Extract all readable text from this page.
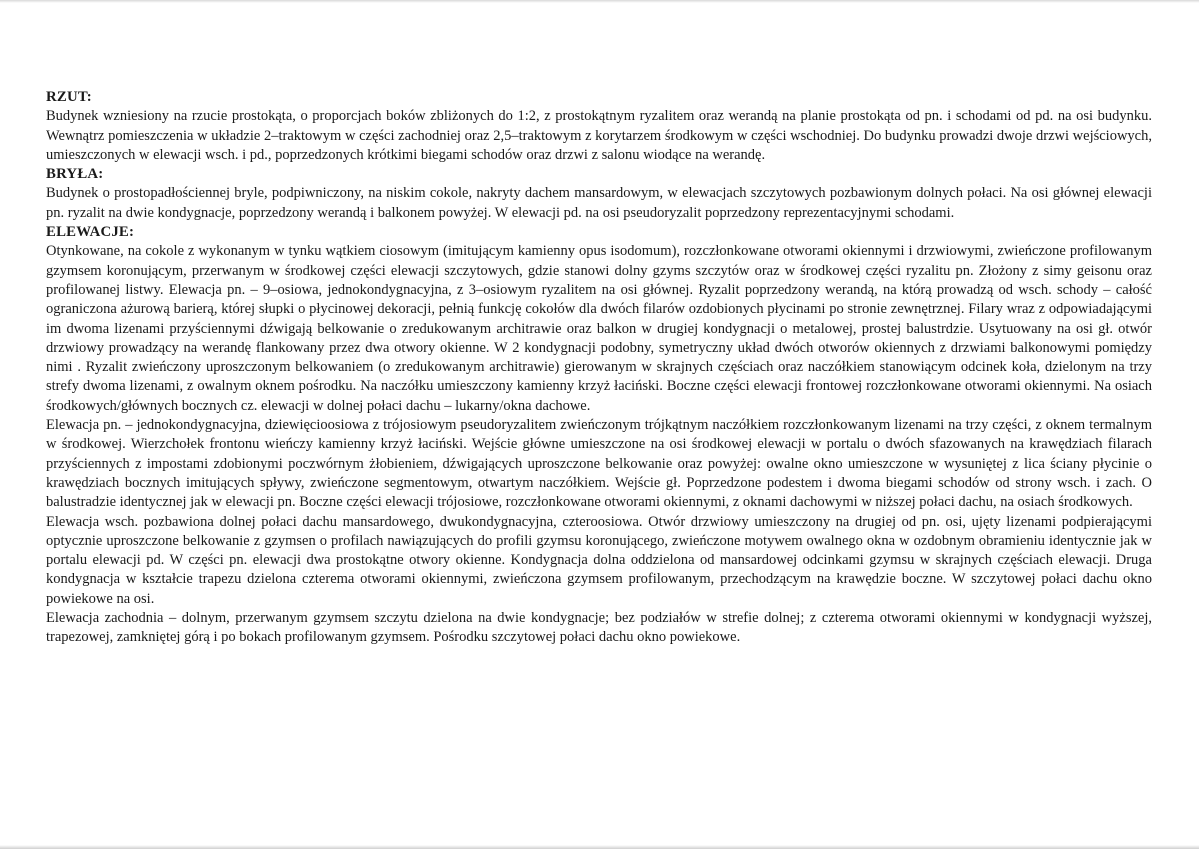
RZUT:

Budynek wzniesiony na rzucie prostokąta, o proporcjach boków zbliżonych do 1:2, z prostokątnym ryzalitem oraz werandą na planie prostokąta od pn. i schodami od pd. na osi budynku. Wewnątrz pomieszczenia w układzie 2–traktowym w części zachodniej oraz 2,5–traktowym z korytarzem środkowym w części wschodniej. Do budynku prowadzi dwoje drzwi wejściowych, umieszczonych w elewacji wsch. i pd., poprzedzonych krótkimi biegami schodów oraz drzwi z salonu wiodące na werandę.

BRYŁA:

Budynek o prostopadłościennej bryle, podpiwniczony, na niskim cokole, nakryty dachem mansardowym, w elewacjach szczytowych pozbawionym dolnych połaci. Na osi głównej elewacji pn. ryzalit na dwie kondygnacje, poprzedzony werandą i balkonem powyżej. W elewacji pd. na osi pseudoryzalit poprzedzony reprezentacyjnymi schodami.

ELEWACJE:

Otynkowane, na cokole z wykonanym w tynku wątkiem ciosowym (imitującym kamienny opus isodomum), rozczłonkowane otworami okiennymi i drzwiowymi, zwieńczone profilowanym gzymsem koronującym, przerwanym w środkowej części elewacji szczytowych, gdzie stanowi dolny gzyms szczytów oraz w środkowej części ryzalitu pn. Złożony z simy geisonu oraz profilowanej listwy. Elewacja pn. – 9–osiowa, jednokondygnacyjna, z 3–osiowym ryzalitem na osi głównej. Ryzalit poprzedzony werandą, na którą prowadzą od wsch. schody – całość ograniczona ażurową barierą, której słupki o płycinowej dekoracji, pełnią funkcję cokołów dla dwóch filarów ozdobionych płycinami po stronie zewnętrznej. Filary wraz z odpowiadającymi im dwoma lizenami przyściennymi dźwigają belkowanie o zredukowanym architrawie oraz balkon w drugiej kondygnacji o metalowej, prostej balustrdzie. Usytuowany na osi gł. otwór drzwiowy prowadzący na werandę flankowany przez dwa otwory okienne. W 2 kondygnacji podobny, symetryczny układ dwóch otworów okiennych z drzwiami balkonowymi pomiędzy nimi . Ryzalit zwieńczony uproszczonym belkowaniem (o zredukowanym architrawie) gierowanym w skrajnych częściach oraz naczółkiem stanowiącym odcinek koła, dzielonym na trzy strefy dwoma lizenami, z owalnym oknem pośrodku. Na naczółku umieszczony kamienny krzyż łaciński. Boczne części elewacji frontowej rozczłonkowane otworami okiennymi. Na osiach środkowych/głównych bocznych cz. elewacji w dolnej połaci dachu – lukarny/okna dachowe.

Elewacja pn. – jednokondygnacyjna, dziewięcioosiowa z trójosiowym pseudoryzalitem zwieńczonym trójkątnym naczółkiem rozczłonkowanym lizenami na trzy części, z oknem termalnym w środkowej. Wierzchołek frontonu wieńczy kamienny krzyż łaciński. Wejście główne umieszczone na osi środkowej elewacji w portalu o dwóch sfazowanych na krawędziach filarach przyściennych z impostami zdobionymi poczwórnym żłobieniem, dźwigających uproszczone belkowanie oraz powyżej: owalne okno umieszczone w wysuniętej z lica ściany płycinie o krawędziach bocznych imitujących spływy, zwieńczone segmentowym, otwartym naczółkiem. Wejście gł. Poprzedzone podestem i dwoma biegami schodów od strony wsch. i zach. O balustradzie identycznej jak w elewacji pn. Boczne części elewacji trójosiowe, rozczłonkowane otworami okiennymi, z oknami dachowymi w niższej połaci dachu, na osiach środkowych.

Elewacja wsch. pozbawiona dolnej połaci dachu mansardowego, dwukondygnacyjna, czteroosiowa. Otwór drzwiowy umieszczony na drugiej od pn. osi, ujęty lizenami podpierającymi optycznie uproszczone belkowanie z gzymsen o profilach nawiązujących do profili gzymsu koronującego, zwieńczone motywem owalnego okna w ozdobnym obramieniu identycznie jak w portalu elewacji pd. W części pn. elewacji dwa prostokątne otwory okienne. Kondygnacja dolna oddzielona od mansardowej odcinkami gzymsu w skrajnych częściach elewacji. Druga kondygnacja w kształcie trapezu dzielona czterema otworami okiennymi, zwieńczona gzymsem profilowanym, przechodzącym na krawędzie boczne. W szczytowej połaci dachu okno powiekowe na osi.

Elewacja zachodnia – dolnym, przerwanym gzymsem szczytu dzielona na dwie kondygnacje; bez podziałów w strefie dolnej; z czterema otworami okiennymi w kondygnacji wyższej, trapezowej, zamkniętej górą i po bokach profilowanym gzymsem. Pośrodku szczytowej połaci dachu okno powiekowe.
